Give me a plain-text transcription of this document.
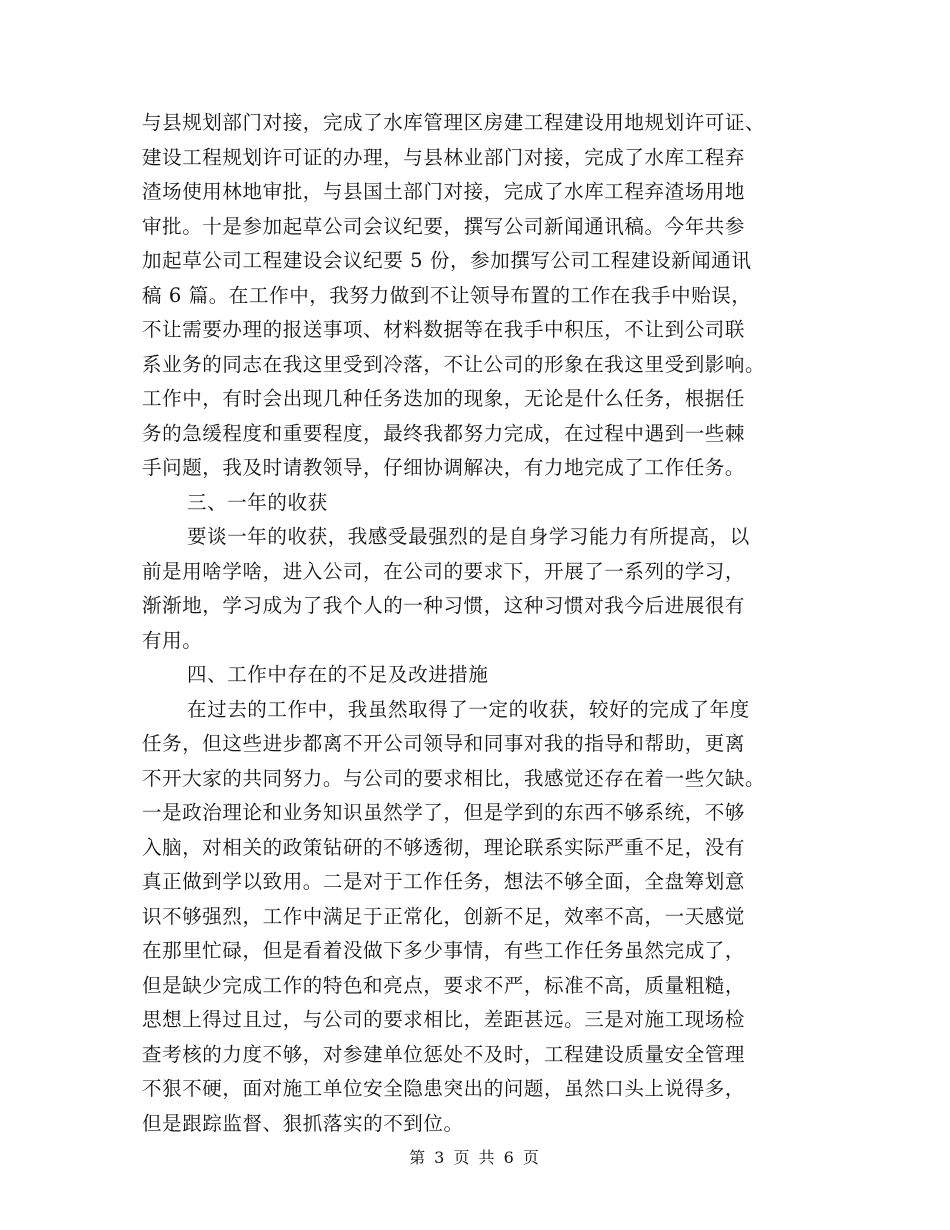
与县规划部门对接，完成了水库管理区房建工程建设用地规划许可证、
建设工程规划许可证的办理，与县林业部门对接，完成了水库工程弃
渣场使用林地审批，与县国土部门对接，完成了水库工程弃渣场用地
审批。十是参加起草公司会议纪要，撰写公司新闻通讯稿。今年共参
加起草公司工程建设会议纪要 5 份，参加撰写公司工程建设新闻通讯
稿 6 篇。在工作中，我努力做到不让领导布置的工作在我手中贻误，
不让需要办理的报送事项、材料数据等在我手中积压，不让到公司联
系业务的同志在我这里受到冷落，不让公司的形象在我这里受到影响。
工作中，有时会出现几种任务迭加的现象，无论是什么任务，根据任
务的急缓程度和重要程度，最终我都努力完成，在过程中遇到一些棘
手问题，我及时请教领导，仔细协调解决，有力地完成了工作任务。
三、一年的收获
要谈一年的收获，我感受最强烈的是自身学习能力有所提高，以
前是用啥学啥，进入公司，在公司的要求下，开展了一系列的学习，
渐渐地，学习成为了我个人的一种习惯，这种习惯对我今后进展很有
有用。
四、工作中存在的不足及改进措施
在过去的工作中，我虽然取得了一定的收获，较好的完成了年度
任务，但这些进步都离不开公司领导和同事对我的指导和帮助，更离
不开大家的共同努力。与公司的要求相比，我感觉还存在着一些欠缺。
一是政治理论和业务知识虽然学了，但是学到的东西不够系统，不够
入脑，对相关的政策钻研的不够透彻，理论联系实际严重不足，没有
真正做到学以致用。二是对于工作任务，想法不够全面，全盘筹划意
识不够强烈，工作中满足于正常化，创新不足，效率不高，一天感觉
在那里忙碌，但是看着没做下多少事情，有些工作任务虽然完成了，
但是缺少完成工作的特色和亮点，要求不严，标准不高，质量粗糙，
思想上得过且过，与公司的要求相比，差距甚远。三是对施工现场检
查考核的力度不够，对参建单位惩处不及时，工程建设质量安全管理
不狠不硬，面对施工单位安全隐患突出的问题，虽然口头上说得多，
但是跟踪监督、狠抓落实的不到位。
第 3 页 共 6 页
